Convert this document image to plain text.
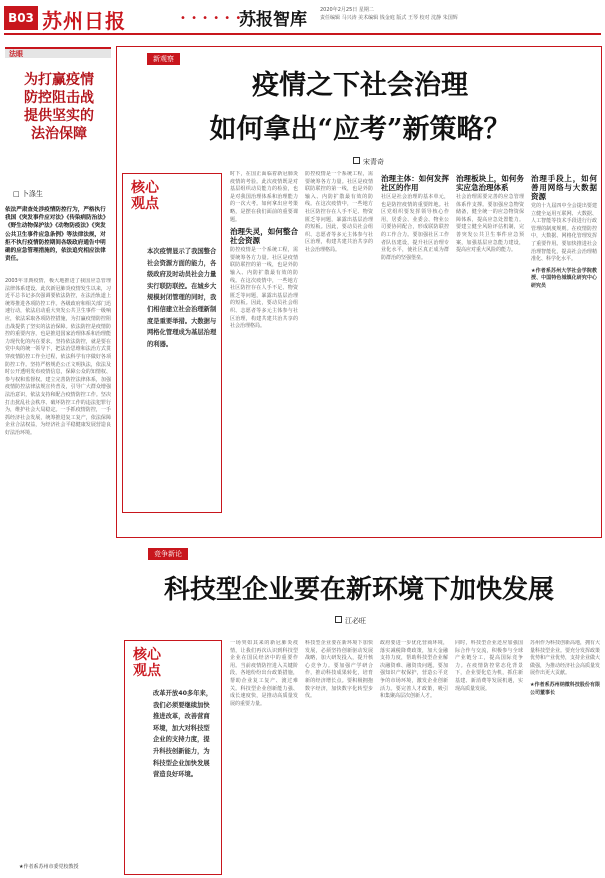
B03 苏州日报	• • • • • •
苏报智库	2020年2月25日 星期二
责任编辑 马兴涛 美术编辑 钱金庭 版式 王琴 校对 沈静 朱国辉
法眼
为打赢疫情
防控阻击战
提供坚实的
法治保障
□ 卜涤生
依法严肃查处涉疫情防控行为，严格执行我国《突发事件应对法》《传染病防治法》《野生动物保护法》《动物防疫法》《突发公共卫生事件应急条例》等法律法规，对拒不执行疫情防控期间各级政府通告中明确的应急管理措施的，依法追究相应法律责任。
2003年非典疫情，极大地推进了我国应急管理法律体系建设。此次新冠肺炎疫情发生以来，习近平总书记多次强调要依法防控，在法治轨道上统筹推进各项防控工作。各级政府和相关部门迅速行动，依法启动重大突发公共卫生事件一级响应，依法采取各项防控措施，为打赢疫情防控阻击战提供了坚实的法治保障。依法防控是疫情防控的重要内容，也是推进国家治理体系和治理能力现代化的内在要求。坚持依法防控，就是要在党中央的统一领导下，把法治思维和法治方式贯穿疫情防控工作全过程，依法科学有序做好各项防控工作。坚持严格规范公正文明执法，依法及时公开透明发布疫情信息，保障公众的知情权、参与权和监督权。建立完善防控法律体系，加强疫情防控法律法规宣传普及，引导广大群众增强法治意识，依法支持和配合疫情防控工作。坚决打击扰乱社会秩序、破坏防控工作的违法犯罪行为，维护社会大局稳定。一手抓疫情防控，一手抓经济社会发展，统筹推进复工复产，依法保障企业合法权益，为经济社会平稳健康发展营造良好法治环境。
★作者系苏州市委党校教授
新观察
疫情之下社会治理
如何拿出“应考”新策略？
宋青奇
核心
观点
本次疫情显示了我国整合社会资源方面的能力，各级政府及时动员社会力量实行联防联控。在城乡大规模封闭管理的同时，我们相信建立社会治理新制度是重要举措。大数据与网格化管理成为基层治理的利器。
时下，在国正面临着新冠肺炎疫情的考验。此次疫情既是对基层组织动员能力的检验，也是对我国治理体系和治理能力的一次大考。如何拿出应考策略，是摆在我们面前的重要课题。
治理失灵，如何整合社会资源
防控疫情是一个系统工程，需要统筹各方力量。社区是疫情联防联控的第一线，也是外防输入、内防扩散最有效的防线。在这次疫情中，一些地方社区防控存在人手不足、物资匮乏等问题，暴露出基层治理的短板。因此，要动员社会组织、志愿者等多元主体参与社区治理，构建共建共治共享的社会治理格局。
防控疫情是一个系统工程，需要统筹各方力量。社区是疫情联防联控的第一线，也是外防输入、内防扩散最有效的防线。在这次疫情中，一些地方社区防控存在人手不足、物资匮乏等问题，暴露出基层治理的短板。因此，要动员社会组织、志愿者等多元主体参与社区治理，构建共建共治共享的社会治理格局。
治理主体：如何发挥社区的作用
社区是社会治理的基本单元，也是防控疫情的重要阵地。社区党组织要发挥领导核心作用，居委会、业委会、物业公司要协同配合，形成联防联控的工作合力。要加强社区工作者队伍建设，提升社区治理专业化水平，使社区真正成为群防群治的坚强堡垒。
治理板块上，如何务实应急治理体系
社会治理需要完善的应急管理体系作支撑。要加强应急物资储备，健全统一的应急物资保障体系，提高应急处置能力。要建立健全风险评估机制，完善突发公共卫生事件应急预案，加强基层应急能力建设，提高应对重大风险的能力。
治理手段上，如何善用网络与大数据资源
党的十九届四中全会提出要建立健全运用互联网、大数据、人工智能等技术手段进行行政管理的制度规则。在疫情防控中，大数据、网格化管理发挥了重要作用。要加快推进社会治理智能化，提高社会治理精准化、科学化水平。
★作者系苏州大学社会学院教授、中国特色城镇化研究中心研究员
竞争新论
科技型企业要在新环境下加快发展
江必旺
核心
观点
改革开放40多年来，我们必须要继续加快推进改革，改善营商环境，加大对科技型企业的支持力度，提升科技创新能力，为科技型企业加快发展营造良好环境。
一场突如其来的新冠肺炎疫情，让我们再次认识到科技型企业在国民经济中的重要作用。当前疫情防控进入关键阶段，各地纷纷出台政策措施，帮助企业复工复产、渡过难关。科技型企业创新能力强、成长速度快，是推动高质量发展的重要力量。
科技型企业要在新环境下加快发展，必须坚持创新驱动发展战略，加大研发投入，提升核心竞争力。要加强产学研合作，推动科技成果转化，培育新的经济增长点。要积极拥抱数字经济，加快数字化转型步伐。
政府要进一步优化营商环境，落实减税降费政策，加大金融支持力度，帮助科技型企业解决融资难、融资贵问题。要加强知识产权保护，营造公平竞争的市场环境，激发企业创新活力。要完善人才政策，吸引和集聚高层次创新人才。
同时，科技型企业还应加强国际合作与交流，积极参与全球产业链分工，提高国际竞争力。在疫情防控常态化背景下，企业要化危为机，抓住新基建、新消费等发展机遇，实现高质量发展。
苏州作为科技创新高地，拥有大量科技型企业。要充分发挥政策优势和产业优势，支持企业做大做强，为推动经济社会高质量发展作出更大贡献。
★作者系苏州纳微科技股份有限公司董事长
